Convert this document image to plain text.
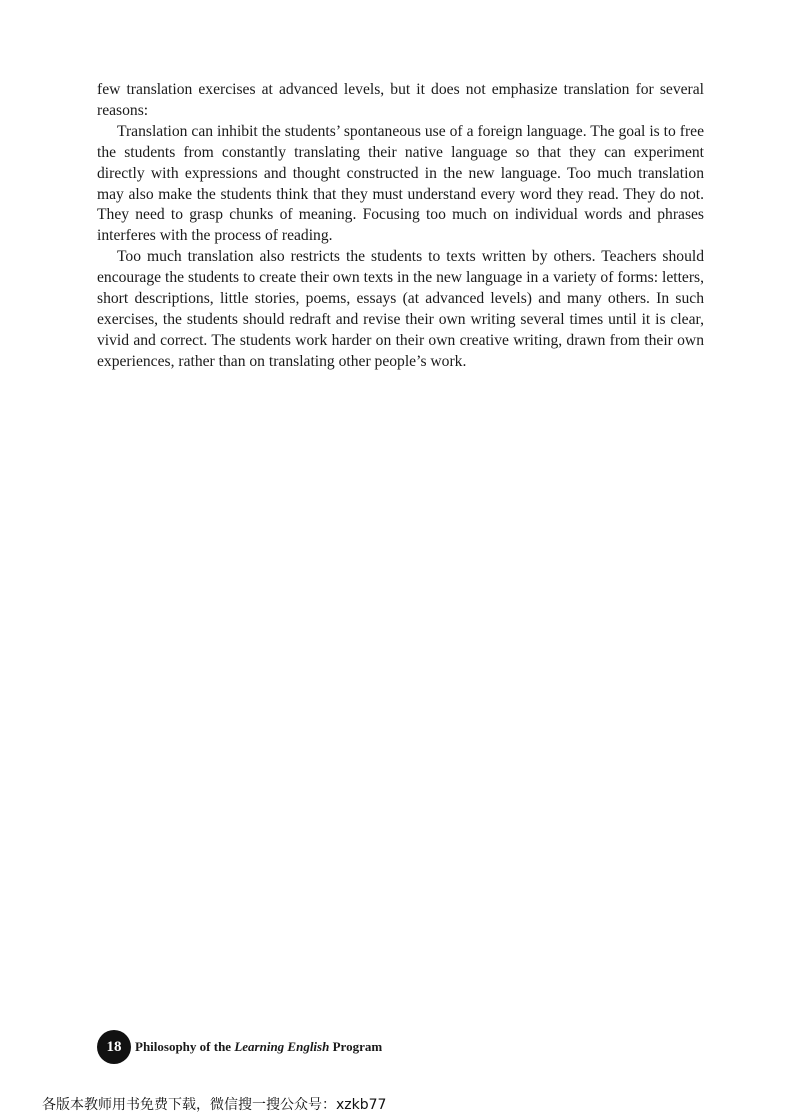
few translation exercises at advanced levels, but it does not emphasize translation for several reasons:

Translation can inhibit the students’ spontaneous use of a foreign language. The goal is to free the students from constantly translating their native language so that they can experiment directly with expressions and thought constructed in the new language. Too much translation may also make the students think that they must understand every word they read. They do not. They need to grasp chunks of meaning. Focusing too much on individual words and phrases interferes with the process of reading.

Too much translation also restricts the students to texts written by others. Teachers should encourage the students to create their own texts in the new language in a variety of forms: letters, short descriptions, little stories, poems, essays (at advanced levels) and many others. In such exercises, the students should redraft and revise their own writing several times until it is clear, vivid and correct. The students work harder on their own creative writing, drawn from their own experiences, rather than on translating other people’s work.

18	Philosophy of the Learning English Program
各版本教师用书免费下载，微信搜一搜公众号：xzkb77
